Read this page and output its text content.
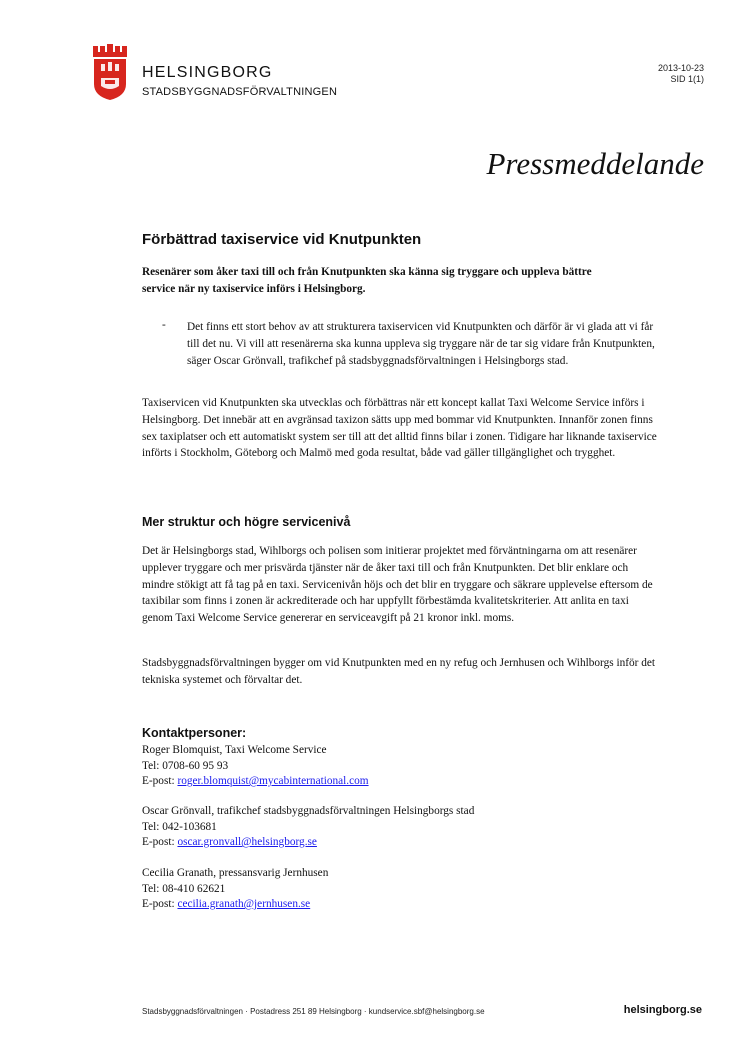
HELSINGBORG
STADSBYGGNADSFÖRVALTNINGEN
2013-10-23
SID 1(1)
Pressmeddelande
Förbättrad taxiservice vid Knutpunkten
Resenärer som åker taxi till och från Knutpunkten ska känna sig tryggare och uppleva bättre service när ny taxiservice införs i Helsingborg.
- Det finns ett stort behov av att strukturera taxiservicen vid Knutpunkten och därför är vi glada att vi får till det nu. Vi vill att resenärerna ska kunna uppleva sig tryggare när de tar sig vidare från Knutpunkten, säger Oscar Grönvall, trafikchef på stadsbyggnadsförvaltningen i Helsingborgs stad.
Taxiservicen vid Knutpunkten ska utvecklas och förbättras när ett koncept kallat Taxi Welcome Service införs i Helsingborg. Det innebär att en avgränsad taxizon sätts upp med bommar vid Knutpunkten. Innanför zonen finns sex taxiplatser och ett automatiskt system ser till att det alltid finns bilar i zonen. Tidigare har liknande taxiservice införts i Stockholm, Göteborg och Malmö med goda resultat, både vad gäller tillgänglighet och trygghet.
Mer struktur och högre servicenivå
Det är Helsingborgs stad, Wihlborgs och polisen som initierar projektet med förväntningarna om att resenärer upplever tryggare och mer prisvärda tjänster när de åker taxi till och från Knutpunkten. Det blir enklare och mindre stökigt att få tag på en taxi. Servicenivån höjs och det blir en tryggare och säkrare upplevelse eftersom de taxibilar som finns i zonen är ackrediterade och har uppfyllt förbestämda kvalitetskriterier. Att anlita en taxi genom Taxi Welcome Service genererar en serviceavgift på 21 kronor inkl. moms.
Stadsbyggnadsförvaltningen bygger om vid Knutpunkten med en ny refug och Jernhusen och Wihlborgs inför det tekniska systemet och förvaltar det.
Kontaktpersoner:
Roger Blomquist, Taxi Welcome Service
Tel: 0708-60 95 93
E-post: roger.blomquist@mycabinternational.com
Oscar Grönvall, trafikchef stadsbyggnadsförvaltningen Helsingborgs stad
Tel: 042-103681
E-post: oscar.gronvall@helsingborg.se
Cecilia Granath, pressansvarig Jernhusen
Tel: 08-410 62621
E-post: cecilia.granath@jernhusen.se
Stadsbyggnadsförvaltningen · Postadress 251 89 Helsingborg · kundservice.sbf@helsingborg.se	helsingborg.se
